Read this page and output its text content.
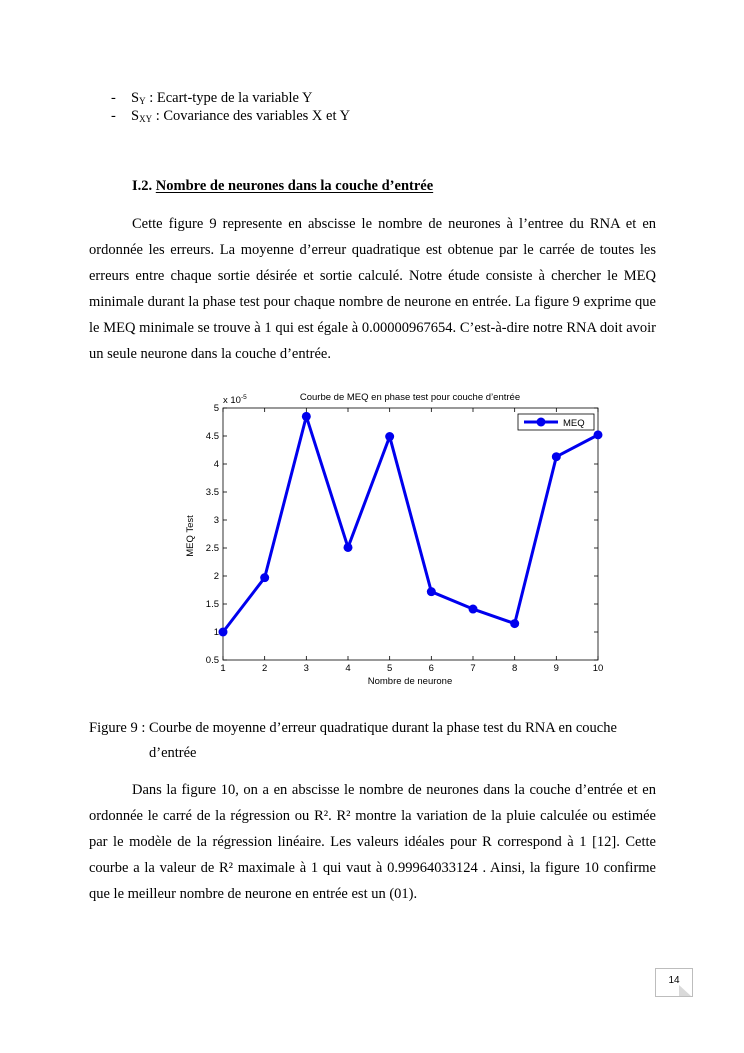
- $S_Y$ : Ecart-type de la variable Y
- $S_{XY}$ : Covariance des variables X et Y
I.2. Nombre de neurones dans la couche d’entrée

Cette figure 9 represente en abscisse le nombre de neurones à l’entree du RNA et en ordonnée les erreurs. La moyenne d’erreur quadratique est obtenue par le carrée de toutes les erreurs entre chaque sortie désirée et sortie calculé. Notre étude consiste à chercher le MEQ minimale durant la phase test pour chaque nombre de neurone en entrée. La figure 9 exprime que le MEQ minimale se trouve à 1 qui est égale à 0.00000967654. C’est-à-dire notre RNA doit avoir un seule neurone dans la couche d’entrée.

0.5
1
1.5
2
2.5
3
3.5
4
4.5
5
1	2	3	4	5	6	7	8	9	10
Courbe de MEQ en phase test pour couche d’entrée
x $10^{-5}$
Nombre de neurone
MEQ Test
MEQ
Figure 9 : Courbe de moyenne d’erreur quadratique durant la phase test du RNA en couche
d’entrée

Dans la figure 10, on a en abscisse le nombre de neurones dans la couche d’entrée et en ordonnée le carré de la régression ou R². R² montre la variation de la pluie calculée ou estimée par le modèle de la régression linéaire. Les valeurs idéales pour R correspond à 1 [12]. Cette courbe a la valeur de R² maximale à 1 qui vaut à 0.99964033124 . Ainsi, la figure 10 confirme que le meilleur nombre de neurone en entrée est un (01).

14
